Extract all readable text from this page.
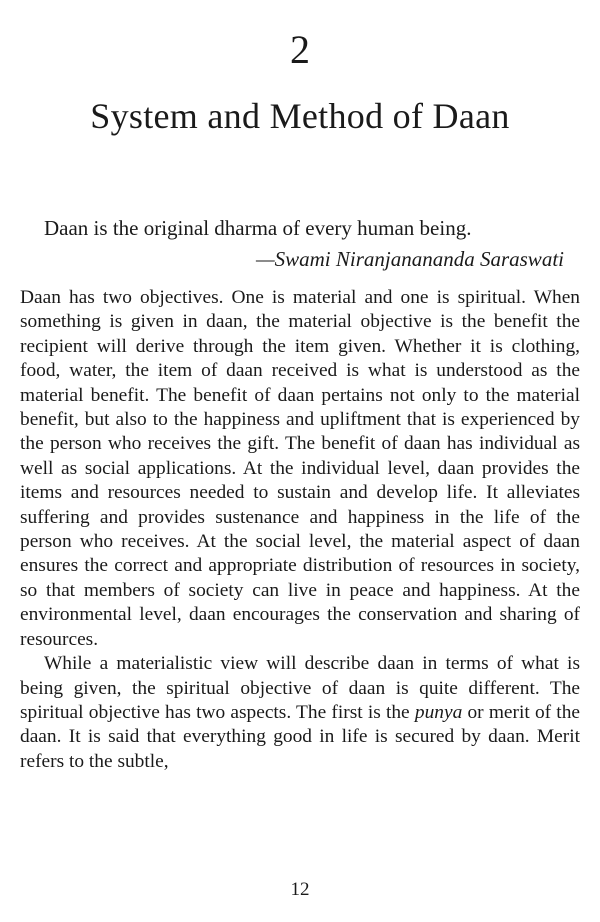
2
System and Method of Daan

Daan is the original dharma of every human being.

—Swami Niranjanananda Saraswati

Daan has two objectives. One is material and one is spiritual. When something is given in daan, the material objective is the benefit the recipient will derive through the item given. Whether it is clothing, food, water, the item of daan received is what is understood as the material benefit. The benefit of daan pertains not only to the material benefit, but also to the happiness and upliftment that is experienced by the person who receives the gift. The benefit of daan has individual as well as social applications. At the individual level, daan provides the items and resources needed to sustain and develop life. It alleviates suffering and provides sustenance and happiness in the life of the person who receives. At the social level, the material aspect of daan ensures the correct and appropriate distribution of resources in society, so that members of society can live in peace and happiness. At the environmental level, daan encourages the conservation and sharing of resources.

While a materialistic view will describe daan in terms of what is being given, the spiritual objective of daan is quite different. The spiritual objective has two aspects. The first is the punya or merit of the daan. It is said that everything good in life is secured by daan. Merit refers to the subtle,

12
